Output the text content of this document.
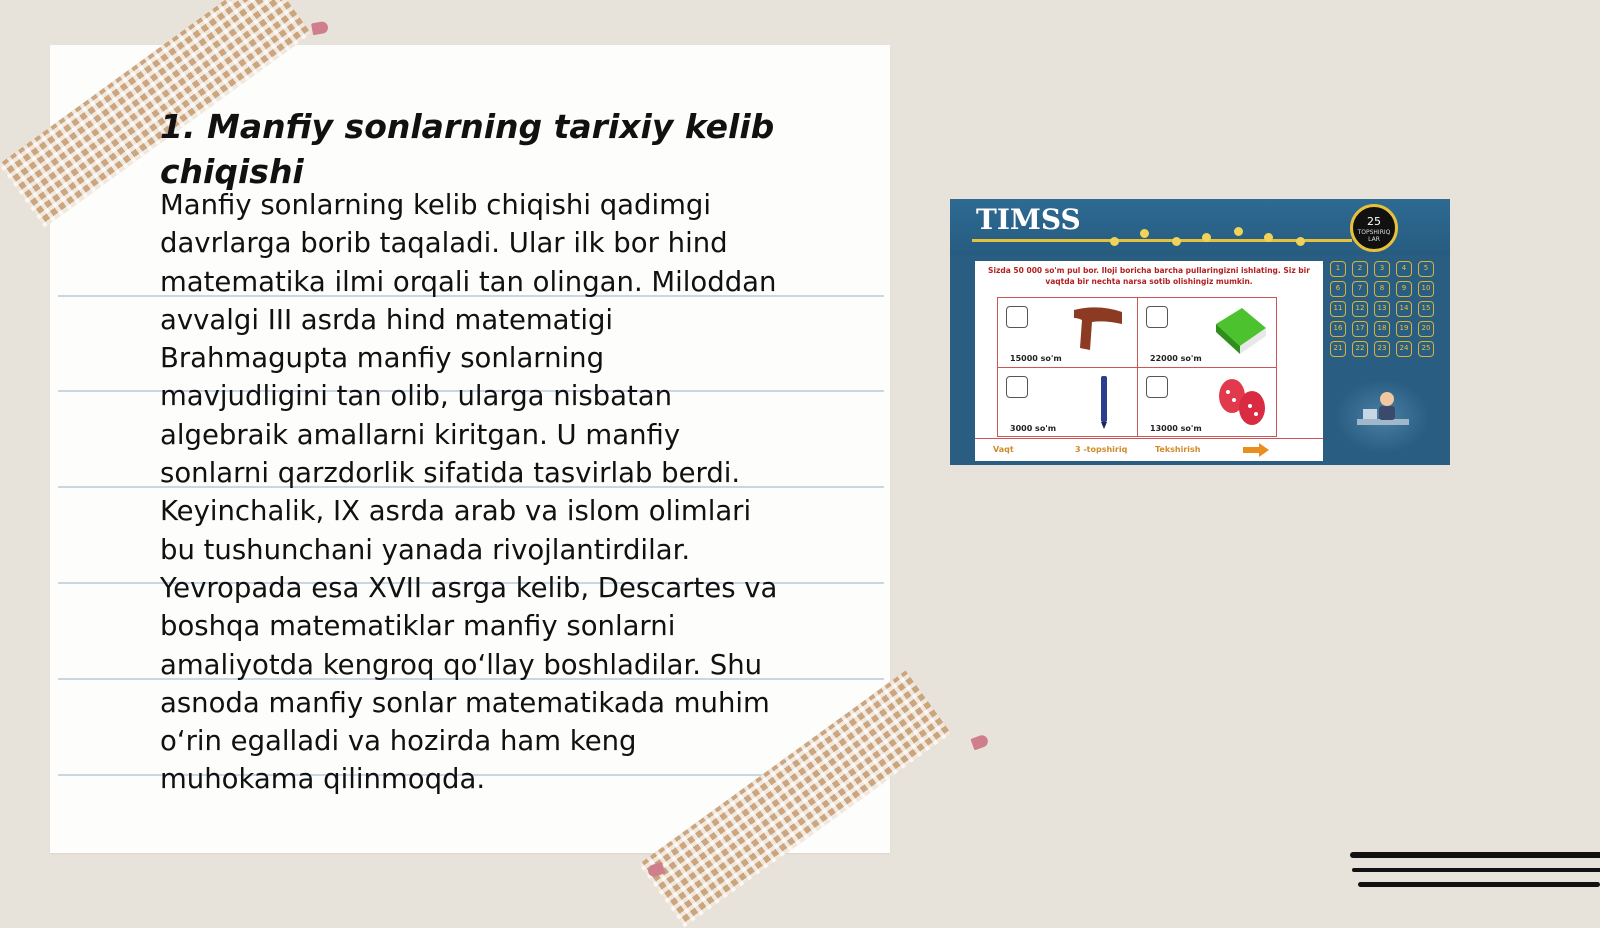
1. Manfiy sonlarning tarixiy kelib chiqishi

Manfiy sonlarning kelib chiqishi qadimgi
davrlarga borib taqaladi. Ular ilk bor hind
matematika ilmi orqali tan olingan. Miloddan
avvalgi III asrda hind matematigi
Brahmagupta manfiy sonlarning
mavjudligini tan olib, ularga nisbatan
algebraik amallarni kiritgan. U manfiy
sonlarni qarzdorlik sifatida tasvirlab berdi.
Keyinchalik, IX asrda arab va islom olimlari
bu tushunchani yanada rivojlantirdilar.
Yevropada esa XVII asrga kelib, Descartes va
boshqa matematiklar manfiy sonlarni
amaliyotda kengroq qo‘llay boshladilar. Shu
asnoda manfiy sonlar matematikada muhim
o‘rin egalladi va hozirda ham keng
muhokama qilinmoqda.

TIMSS	25
TOPSHIRIQ LAR

Sizda 50 000 so'm pul bor. Iloji boricha barcha pullaringizni ishlating. Siz bir vaqtda bir nechta narsa sotib olishingiz mumkin.

15000 so'm	22000 so'm
3000 so'm	13000 so'm
Vaqt	3 -topshiriq	Tekshirish
1	2	3	4	5
6	7	8	9	10
11	12	13	14	15
16	17	18	19	20
21	22	23	24	25
